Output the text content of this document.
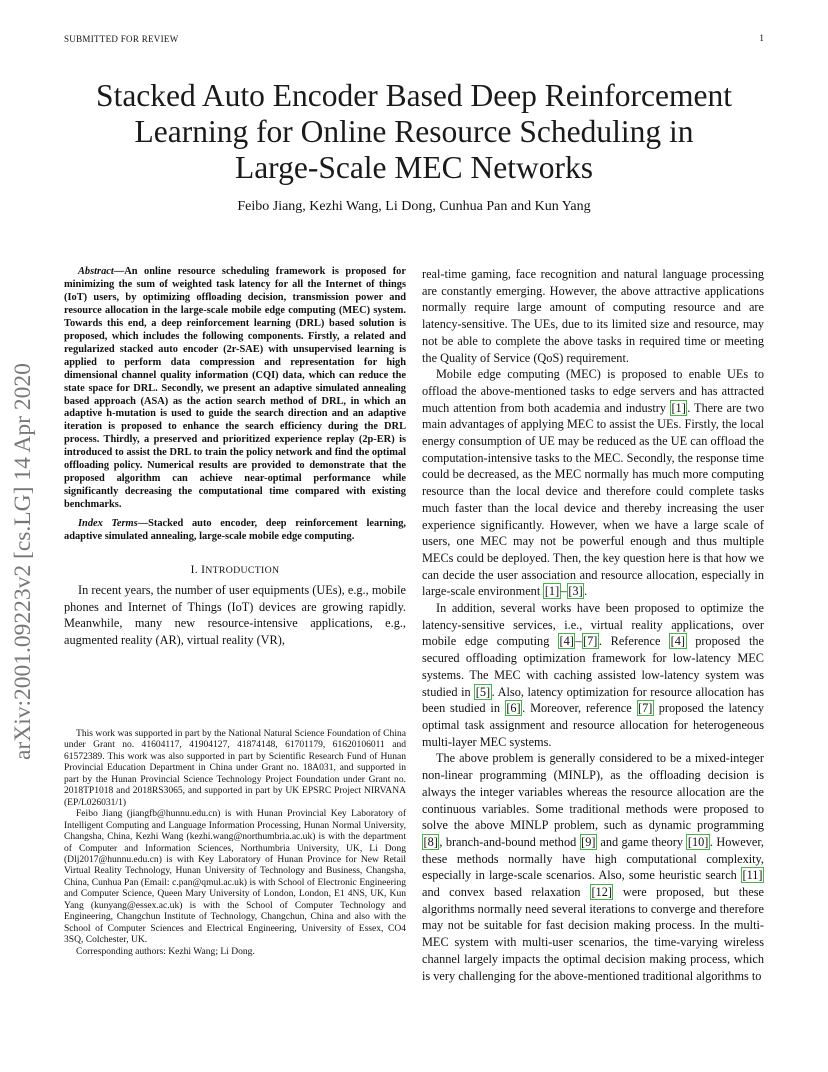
SUBMITTED FOR REVIEW	1
Stacked Auto Encoder Based Deep Reinforcement
Learning for Online Resource Scheduling in
Large-Scale MEC Networks
Feibo Jiang, Kezhi Wang, Li Dong, Cunhua Pan and Kun Yang
arXiv:2001.09223v2 [cs.LG] 14 Apr 2020

Abstract—An online resource scheduling framework is proposed for minimizing the sum of weighted task latency for all the Internet of things (IoT) users, by optimizing offloading decision, transmission power and resource allocation in the large-scale mobile edge computing (MEC) system. Towards this end, a deep reinforcement learning (DRL) based solution is proposed, which includes the following components. Firstly, a related and regularized stacked auto encoder (2r-SAE) with unsupervised learning is applied to perform data compression and representation for high dimensional channel quality information (CQI) data, which can reduce the state space for DRL. Secondly, we present an adaptive simulated annealing based approach (ASA) as the action search method of DRL, in which an adaptive h-mutation is used to guide the search direction and an adaptive iteration is proposed to enhance the search efficiency during the DRL process. Thirdly, a preserved and prioritized experience replay (2p-ER) is introduced to assist the DRL to train the policy network and find the optimal offloading policy. Numerical results are provided to demonstrate that the proposed algorithm can achieve near-optimal performance while significantly decreasing the computational time compared with existing benchmarks.

Index Terms—Stacked auto encoder, deep reinforcement learning, adaptive simulated annealing, large-scale mobile edge computing.

I. INTRODUCTION

In recent years, the number of user equipments (UEs), e.g., mobile phones and Internet of Things (IoT) devices are growing rapidly. Meanwhile, many new resource-intensive applications, e.g., augmented reality (AR), virtual reality (VR),

This work was supported in part by the National Natural Science Foundation of China under Grant no. 41604117, 41904127, 41874148, 61701179, 61620106011 and 61572389. This work was also supported in part by Scientific Research Fund of Hunan Provincial Education Department in China under Grant no. 18A031, and supported in part by the Hunan Provincial Science Technology Project Foundation under Grant no. 2018TP1018 and 2018RS3065, and supported in part by UK EPSRC Project NIRVANA (EP/L026031/1)

Feibo Jiang (jiangfb@hunnu.edu.cn) is with Hunan Provincial Key Laboratory of Intelligent Computing and Language Information Processing, Hunan Normal University, Changsha, China, Kezhi Wang (kezhi.wang@northumbria.ac.uk) is with the department of Computer and Information Sciences, Northumbria University, UK, Li Dong (Dlj2017@hunnu.edu.cn) is with Key Laboratory of Hunan Province for New Retail Virtual Reality Technology, Hunan University of Technology and Business, Changsha, China, Cunhua Pan (Email: c.pan@qmul.ac.uk) is with School of Electronic Engineering and Computer Science, Queen Mary University of London, London, E1 4NS, UK, Kun Yang (kunyang@essex.ac.uk) is with the School of Computer Technology and Engineering, Changchun Institute of Technology, Changchun, China and also with the School of Computer Sciences and Electrical Engineering, University of Essex, CO4 3SQ, Colchester, UK.

Corresponding authors: Kezhi Wang; Li Dong.

real-time gaming, face recognition and natural language processing are constantly emerging. However, the above attractive applications normally require large amount of computing resource and are latency-sensitive. The UEs, due to its limited size and resource, may not be able to complete the above tasks in required time or meeting the Quality of Service (QoS) requirement.

Mobile edge computing (MEC) is proposed to enable UEs to offload the above-mentioned tasks to edge servers and has attracted much attention from both academia and industry [1] . There are two main advantages of applying MEC to assist the UEs. Firstly, the local energy consumption of UE may be reduced as the UE can offload the computation-intensive tasks to the MEC. Secondly, the response time could be decreased, as the MEC normally has much more computing resource than the local device and therefore could complete tasks much faster than the local device and thereby increasing the user experience significantly. However, when we have a large scale of users, one MEC may not be powerful enough and thus multiple MECs could be deployed. Then, the key question here is that how we can decide the user association and resource allocation, especially in large-scale environment [1] – [3] .

In addition, several works have been proposed to optimize the latency-sensitive services, i.e., virtual reality applications, over mobile edge computing [4] – [7] . Reference [4] proposed the secured offloading optimization framework for low-latency MEC systems. The MEC with caching assisted low-latency system was studied in [5] . Also, latency optimization for resource allocation has been studied in [6] . Moreover, reference [7] proposed the latency optimal task assignment and resource allocation for heterogeneous multi-layer MEC systems.

The above problem is generally considered to be a mixed-integer non-linear programming (MINLP), as the offloading decision is always the integer variables whereas the resource allocation are the continuous variables. Some traditional methods were proposed to solve the above MINLP problem, such as dynamic programming [8] , branch-and-bound method [9] and game theory [10] . However, these methods normally have high computational complexity, especially in large-scale scenarios. Also, some heuristic search [11] and convex based relaxation [12] were proposed, but these algorithms normally need several iterations to converge and therefore may not be suitable for fast decision making process. In the multi-MEC system with multi-user scenarios, the time-varying wireless channel largely impacts the optimal decision making process, which is very challenging for the above-mentioned traditional algorithms to
